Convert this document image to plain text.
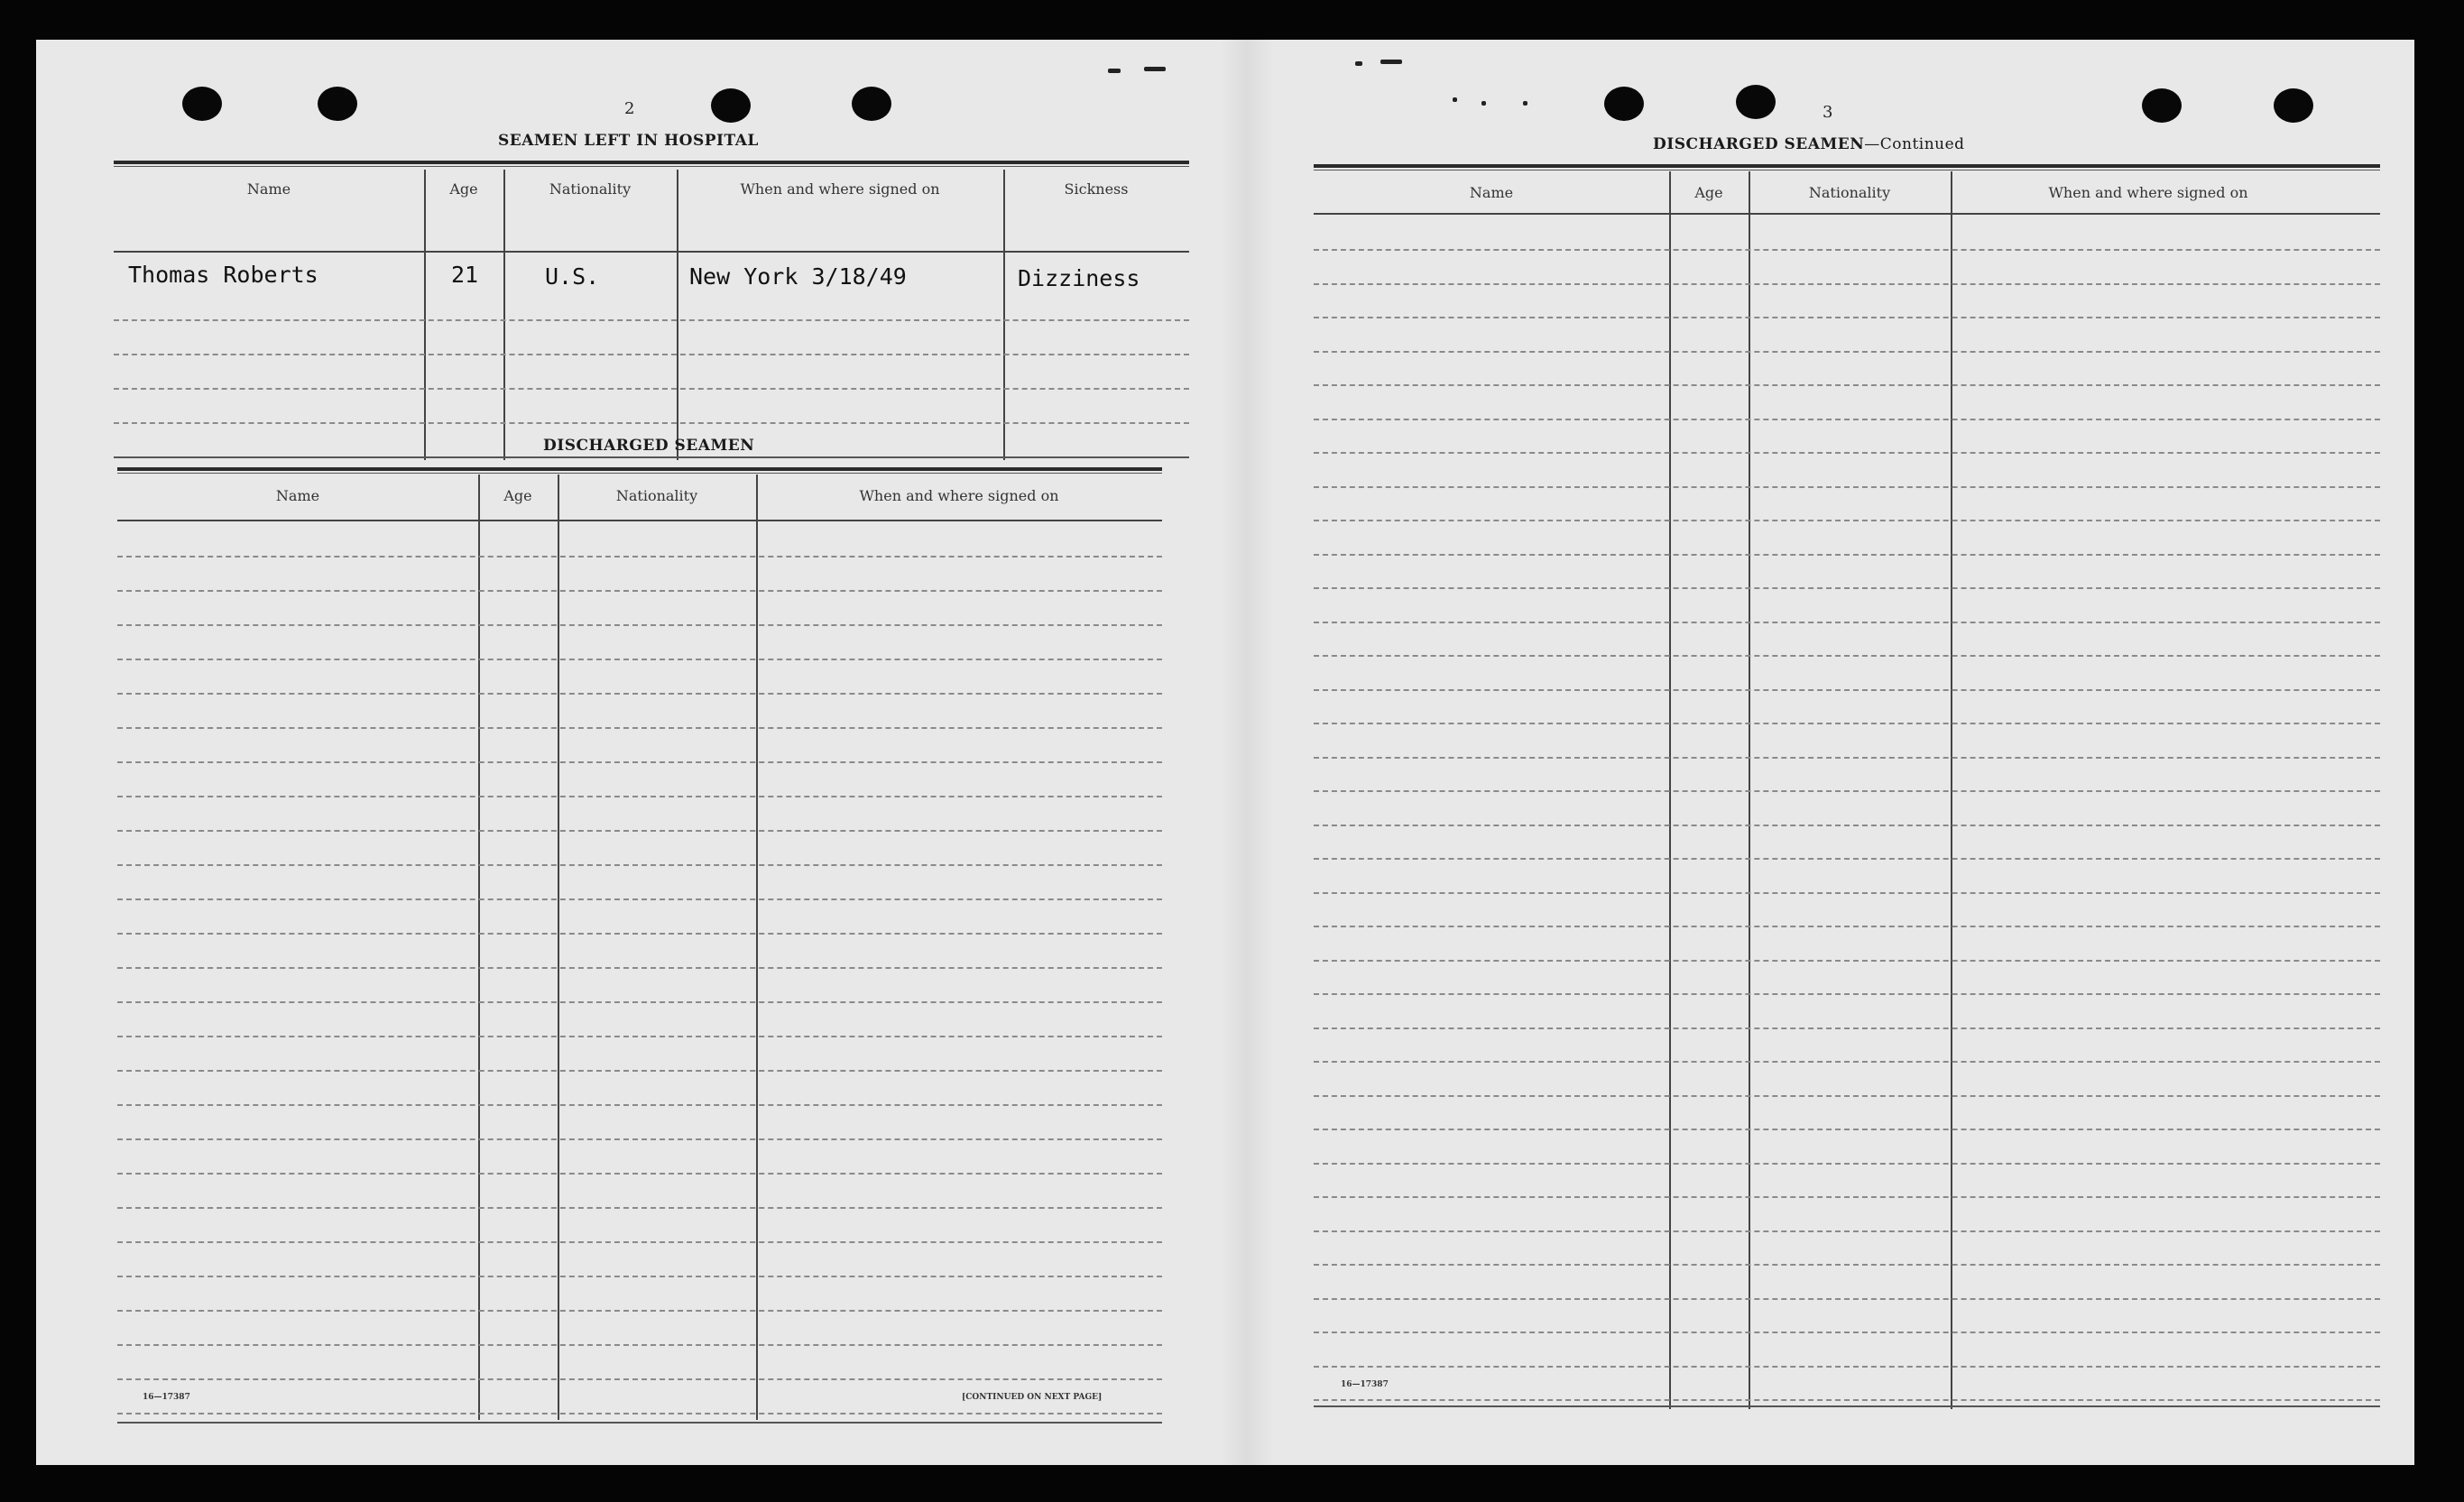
2
SEAMEN LEFT IN HOSPITAL
Name	Age	Nationality	When and where signed on	Sickness
Thomas Roberts	21	U.S.	New York 3/18/49	Dizziness
DISCHARGED SEAMEN
Name	Age	Nationality	When and where signed on
16—17387	[CONTINUED ON NEXT PAGE]
3
DISCHARGED SEAMEN—Continued
Name	Age	Nationality	When and where signed on
16—17387
